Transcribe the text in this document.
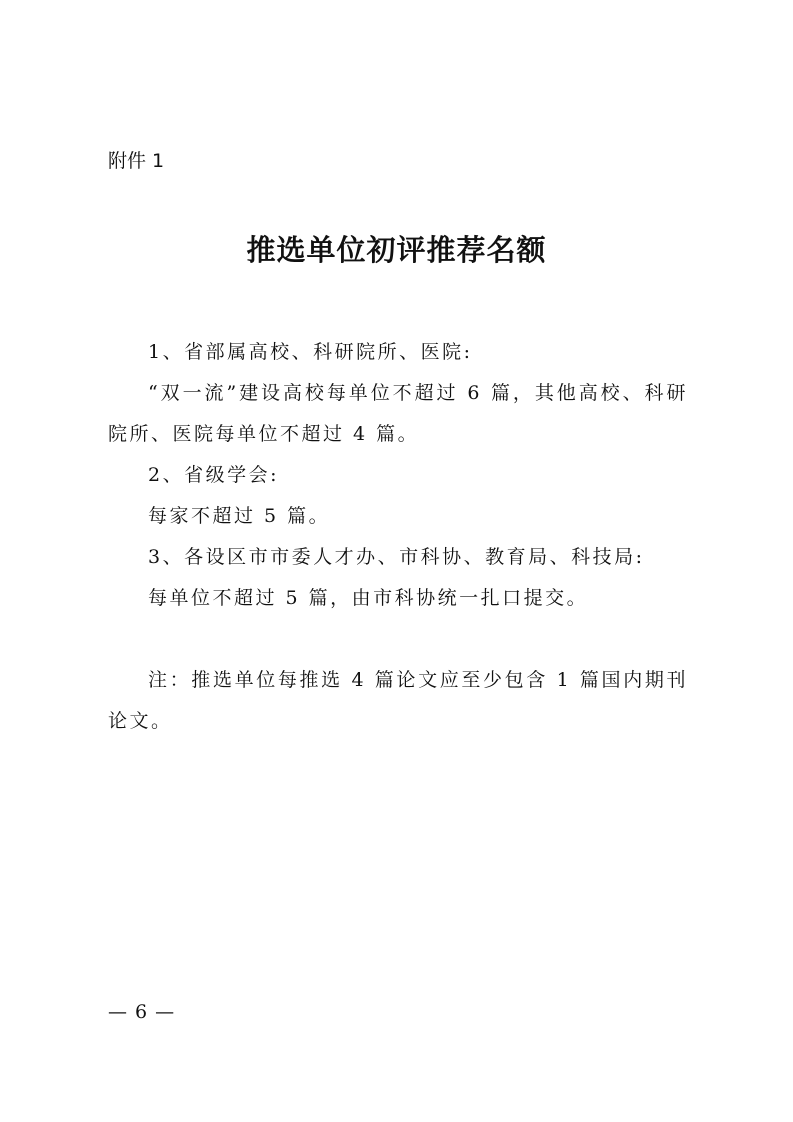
附件 1

推选单位初评推荐名额

1、省部属高校、科研院所、医院:

“双一流”建设高校每单位不超过 6 篇，其他高校、科研院所、医院每单位不超过 4 篇。

2、省级学会:

每家不超过 5 篇。

3、各设区市市委人才办、市科协、教育局、科技局:

每单位不超过 5 篇，由市科协统一扎口提交。

注：推选单位每推选 4 篇论文应至少包含 1 篇国内期刊论文。

— 6 —
